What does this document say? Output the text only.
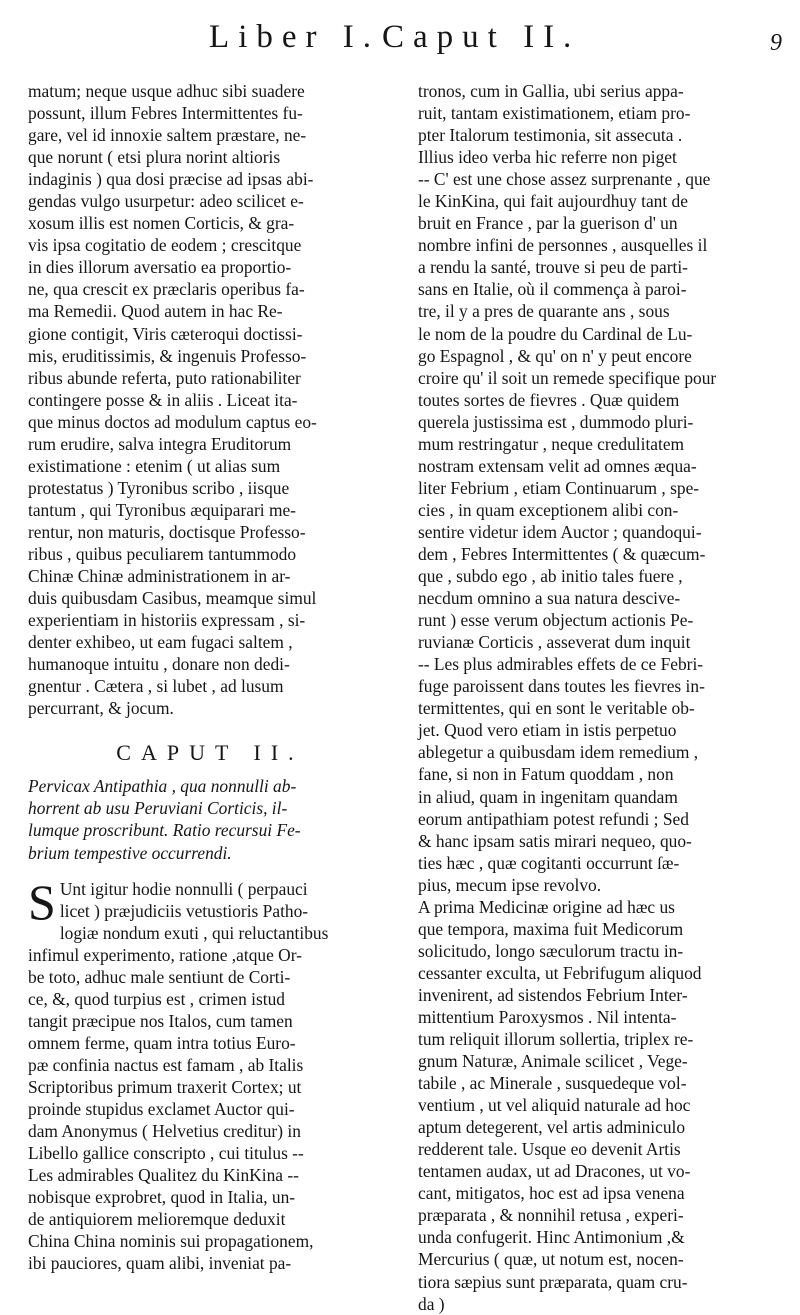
Liber I. Caput II.	9
matum; neque usque adhuc sibi suadere
possunt, illum Febres Intermittentes fu-
gare, vel id innoxie saltem præstare, ne-
que norunt ( etsi plura norint altioris
indaginis ) qua dosi præcise ad ipsas abi-
gendas vulgo usurpetur: adeo scilicet e-
xosum illis est nomen Corticis, & gra-
vis ipsa cogitatio de eodem ; crescitque
in dies illorum aversatio ea proportio-
ne, qua crescit ex præclaris operibus fa-
ma Remedii. Quod autem in hac Re-
gione contigit, Viris cæteroqui doctissi-
mis, eruditissimis, & ingenuis Professo-
ribus abunde referta, puto rationabiliter
contingere posse & in aliis . Liceat ita-
que minus doctos ad modulum captus eo-
rum erudire, salva integra Eruditorum
existimatione : etenim ( ut alias sum
protestatus ) Tyronibus scribo , iisque
tantum , qui Tyronibus æquiparari me-
rentur, non maturis, doctisque Professo-
ribus , quibus peculiarem tantummodo
Chinæ Chinæ administrationem in ar-
duis quibusdam Casibus, meamque simul
experientiam in historiis expressam , si-
denter exhibeo, ut eam fugaci saltem ,
humanoque intuitu , donare non dedi-
gnentur . Cætera , si lubet , ad lusum
percurrant, & jocum.
CAPUT II.
Pervicax Antipathia , qua nonnulli ab-
horrent ab usu Peruviani Corticis, il-
lumque proscribunt. Ratio recursui Fe-
brium tempestive occurrendi.
S Unt igitur hodie nonnulli ( perpauci
licet ) præjudiciis vetustioris Patho-
logiæ nondum exuti , qui reluctantibus
infimul experimento, ratione ,atque Or-
be toto, adhuc male sentiunt de Corti-
ce, &, quod turpius est , crimen istud
tangit præcipue nos Italos, cum tamen
omnem ferme, quam intra totius Euro-
pæ confinia nactus est famam , ab Italis
Scriptoribus primum traxerit Cortex; ut
proinde stupidus exclamet Auctor qui-
dam Anonymus ( Helvetius creditur) in
Libello gallice conscripto , cui titulus --
Les admirables Qualitez du KinKina --
nobisque exprobret, quod in Italia, un-
de antiquiorem melioremque deduxit
China China nominis sui propagationem,
ibi pauciores, quam alibi, inveniat pa-
tronos, cum in Gallia, ubi serius appa-
ruit, tantam existimationem, etiam pro-
pter Italorum testimonia, sit assecuta .
Illius ideo verba hic referre non piget
-- C' est une chose assez surprenante , que
le KinKina, qui fait aujourdhuy tant de
bruit en France , par la guerison d' un
nombre infini de personnes , ausquelles il
a rendu la santé, trouve si peu de parti-
sans en Italie, où il commença à paroi-
tre, il y a pres de quarante ans , sous
le nom de la poudre du Cardinal de Lu-
go Espagnol , & qu' on n' y peut encore
croire qu' il soit un remede specifique pour
toutes sortes de fievres . Quæ quidem
querela justissima est , dummodo pluri-
mum restringatur , neque credulitatem
nostram extensam velit ad omnes æqua-
liter Febrium , etiam Continuarum , spe-
cies , in quam exceptionem alibi con-
sentire videtur idem Auctor ; quandoqui-
dem , Febres Intermittentes ( & quæcum-
que , subdo ego , ab initio tales fuere ,
necdum omnino a sua natura descive-
runt ) esse verum objectum actionis Pe-
ruvianæ Corticis , asseverat dum inquit
-- Les plus admirables effets de ce Febri-
fuge paroissent dans toutes les fievres in-
termittentes, qui en sont le veritable ob-
jet. Quod vero etiam in istis perpetuo
ablegetur a quibusdam idem remedium ,
fane, si non in Fatum quoddam , non
in aliud, quam in ingenitam quandam
eorum antipathiam potest refundi ; Sed
& hanc ipsam satis mirari nequeo, quo-
ties hæc , quæ cogitanti occurrunt ſæ-
pius, mecum ipse revolvo.
A prima Medicinæ origine ad hæc us
que tempora, maxima fuit Medicorum
solicitudo, longo sæculorum tractu in-
cessanter exculta, ut Febrifugum aliquod
invenirent, ad sistendos Febrium Inter-
mittentium Paroxysmos . Nil intenta-
tum reliquit illorum sollertia, triplex re-
gnum Naturæ, Animale scilicet , Vege-
tabile , ac Minerale , susquedeque vol-
ventium , ut vel aliquid naturale ad hoc
aptum detegerent, vel artis adminiculo
redderent tale. Usque eo devenit Artis
tentamen audax, ut ad Dracones, ut vo-
cant, mitigatos, hoc est ad ipsa venena
præparata , & nonnihil retusa , experi-
unda confugerit. Hinc Antimonium ,&
Mercurius ( quæ, ut notum est, nocen-
tiora sæpius sunt præparata, quam cru-
da )
